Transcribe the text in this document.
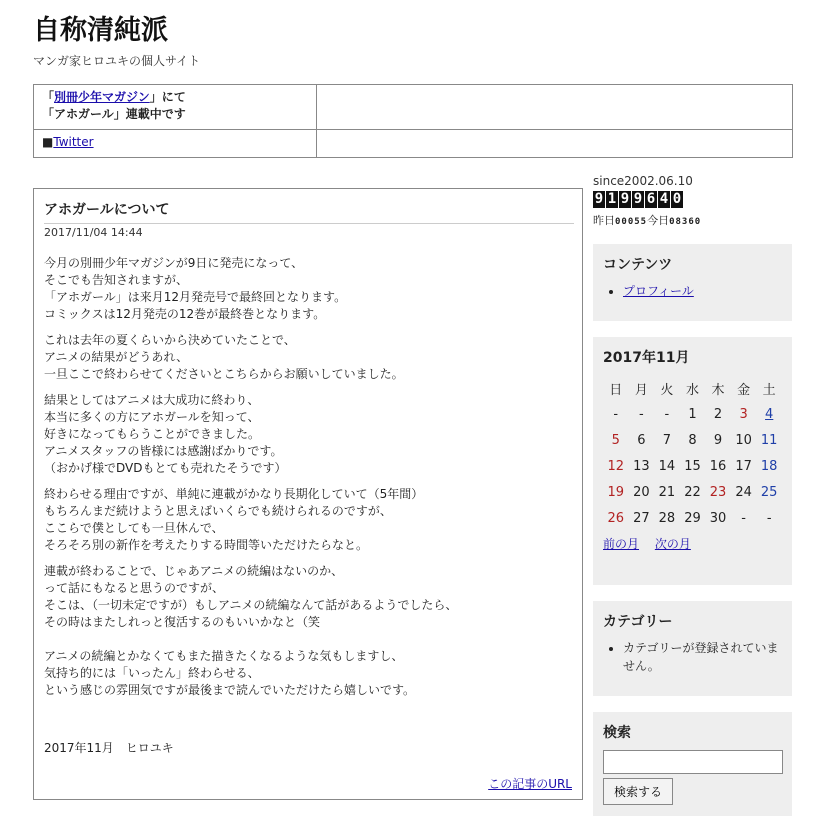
自称清純派
マンガ家ヒロユキの個人サイト
「別冊少年マガジン」にて
「アホガール」連載中です
■Twitter
アホガールについて
2017/11/04 14:44

今月の別冊少年マガジンが9日に発売になって、
そこでも告知されますが、
「アホガール」は来月12月発売号で最終回となります。
コミックスは12月発売の12巻が最終巻となります。

これは去年の夏くらいから決めていたことで、
アニメの結果がどうあれ、
一旦ここで終わらせてくださいとこちらからお願いしていました。

結果としてはアニメは大成功に終わり、
本当に多くの方にアホガールを知って、
好きになってもらうことができました。
アニメスタッフの皆様には感謝ばかりです。
（おかげ様でDVDもとても売れたそうです）

終わらせる理由ですが、単純に連載がかなり長期化していて（5年間）
もちろんまだ続けようと思えばいくらでも続けられるのですが、
ここらで僕としても一旦休んで、
そろそろ別の新作を考えたりする時間等いただけたらなと。

連載が終わることで、じゃあアニメの続編はないのか、
って話にもなると思うのですが、
そこは、（一切未定ですが）もしアニメの続編なんて話があるようでしたら、
その時はまたしれっと復活するのもいいかなと（笑

アニメの続編とかなくてもまた描きたくなるような気もしますし、
気持ち的には「いったん」終わらせる、
という感じの雰囲気ですが最後まで読んでいただけたら嬉しいです。

2017年11月　ヒロユキ
この記事のURL
since2002.06.10
9 1 9 9 6 4 0
昨日00055今日08360
コンテンツ
• プロフィール
2017年11月
日	月	火	水	木	金	土
-	-	-	1	2	3	4
5	6	7	8	9	10	11
12	13	14	15	16	17	18
19	20	21	22	23	24	25
26	27	28	29	30	-	-
前の月 次の月
カテゴリー
• カテゴリーが登録されていません。
検索
検索する
